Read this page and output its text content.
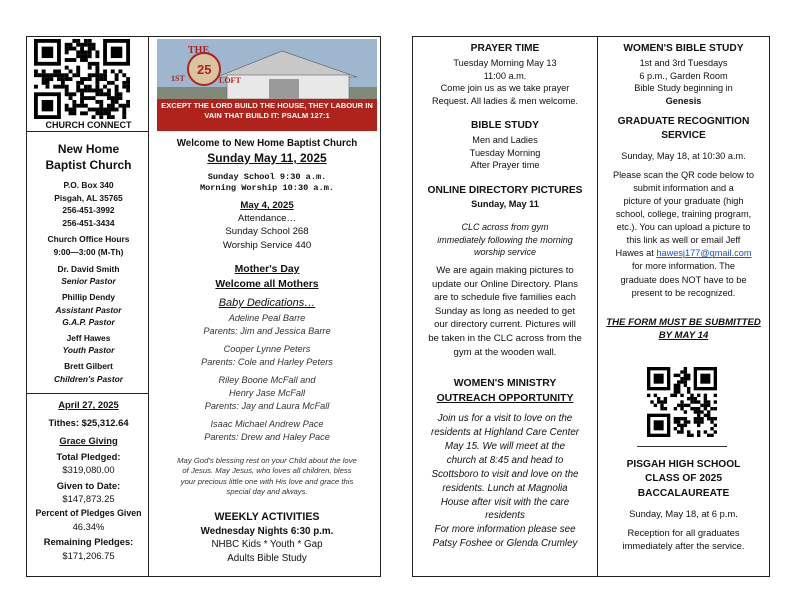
CHURCH CONNECT
New Home
Baptist Church
P.O. Box 340
Pisgah, AL 35765
256-451-3992
256-451-3434
Church Office Hours
9:00—3:00 (M-Th)
Dr. David Smith
Senior Pastor
Phillip Dendy
Assistant Pastor
G.A.P. Pastor
Jeff Hawes
Youth Pastor
Brett Gilbert
Children's Pastor
April 27, 2025
Tithes: $25,312.64
Grace Giving
Total Pledged:
$319,080.00
Given to Date:
$147,873.25
Percent of Pledges Given
46.34%
Remaining Pledges:
$171,206.75
THE
25
1ST	LOFT
EXCEPT THE LORD BUILD THE HOUSE, THEY LABOUR IN VAIN THAT BUILD IT: PSALM 127:1
Welcome to New Home Baptist Church
Sunday May 11, 2025
Sunday School 9:30 a.m.
Morning Worship 10:30 a.m.
May 4, 2025
Attendance…
Sunday School 268
Worship Service 440
Mother's Day
Welcome all Mothers
Baby Dedications…
Adeline Peal Barre
Parents: Jim and Jessica Barre
Cooper Lynne Peters
Parents: Cole and Harley Peters
Riley Boone McFall and
Henry Jase McFall
Parents: Jay and Laura McFall
Isaac Michael Andrew Pace
Parents: Drew and Haley Pace
May God's blessing rest on your Child about the love
of Jesus. May Jesus, who loves all children, bless
your precious little one with His love and grace this
special day and always.
WEEKLY ACTIVITIES
Wednesday Nights 6:30 p.m.
NHBC Kids * Youth * Gap
Adults Bible Study
PRAYER TIME
Tuesday Morning May 13
11:00 a.m.
Come join us as we take prayer
Request. All ladies & men welcome.
BIBLE STUDY
Men and Ladies
Tuesday Morning
After Prayer time
ONLINE DIRECTORY PICTURES
Sunday, May 11
CLC across from gym
immediately following the morning
worship service
We are again making pictures to
update our Online Directory. Plans
are to schedule five families each
Sunday as long as needed to get
our directory current. Pictures will
be taken in the CLC across from the
gym at the wooden wall.
WOMEN'S MINISTRY
OUTREACH OPPORTUNITY
Join us for a visit to love on the
residents at Highland Care Center
May 15. We will meet at the
church at 8:45 and head to
Scottsboro to visit and love on the
residents. Lunch at Magnolia
House after visit with the care
residents
For more information please see
Patsy Foshee or Glenda Crumley
WOMEN'S BIBLE STUDY
1st and 3rd Tuesdays
6 p.m., Garden Room
Bible Study beginning in
Genesis
GRADUATE RECOGNITION
SERVICE
Sunday, May 18, at 10:30 a.m.
Please scan the QR code below to
submit information and a
picture of your graduate (high
school, college, training program,
etc.). You can upload a picture to
this link as well or email Jeff
Hawes at hawesj177@gmail.com
for more information. The
graduate does NOT have to be
present to be recognized.
THE FORM MUST BE SUBMITTED
BY MAY 14
PISGAH HIGH SCHOOL
CLASS OF 2025
BACCALAUREATE
Sunday, May 18, at 6 p.m.
Reception for all graduates
immediately after the service.
